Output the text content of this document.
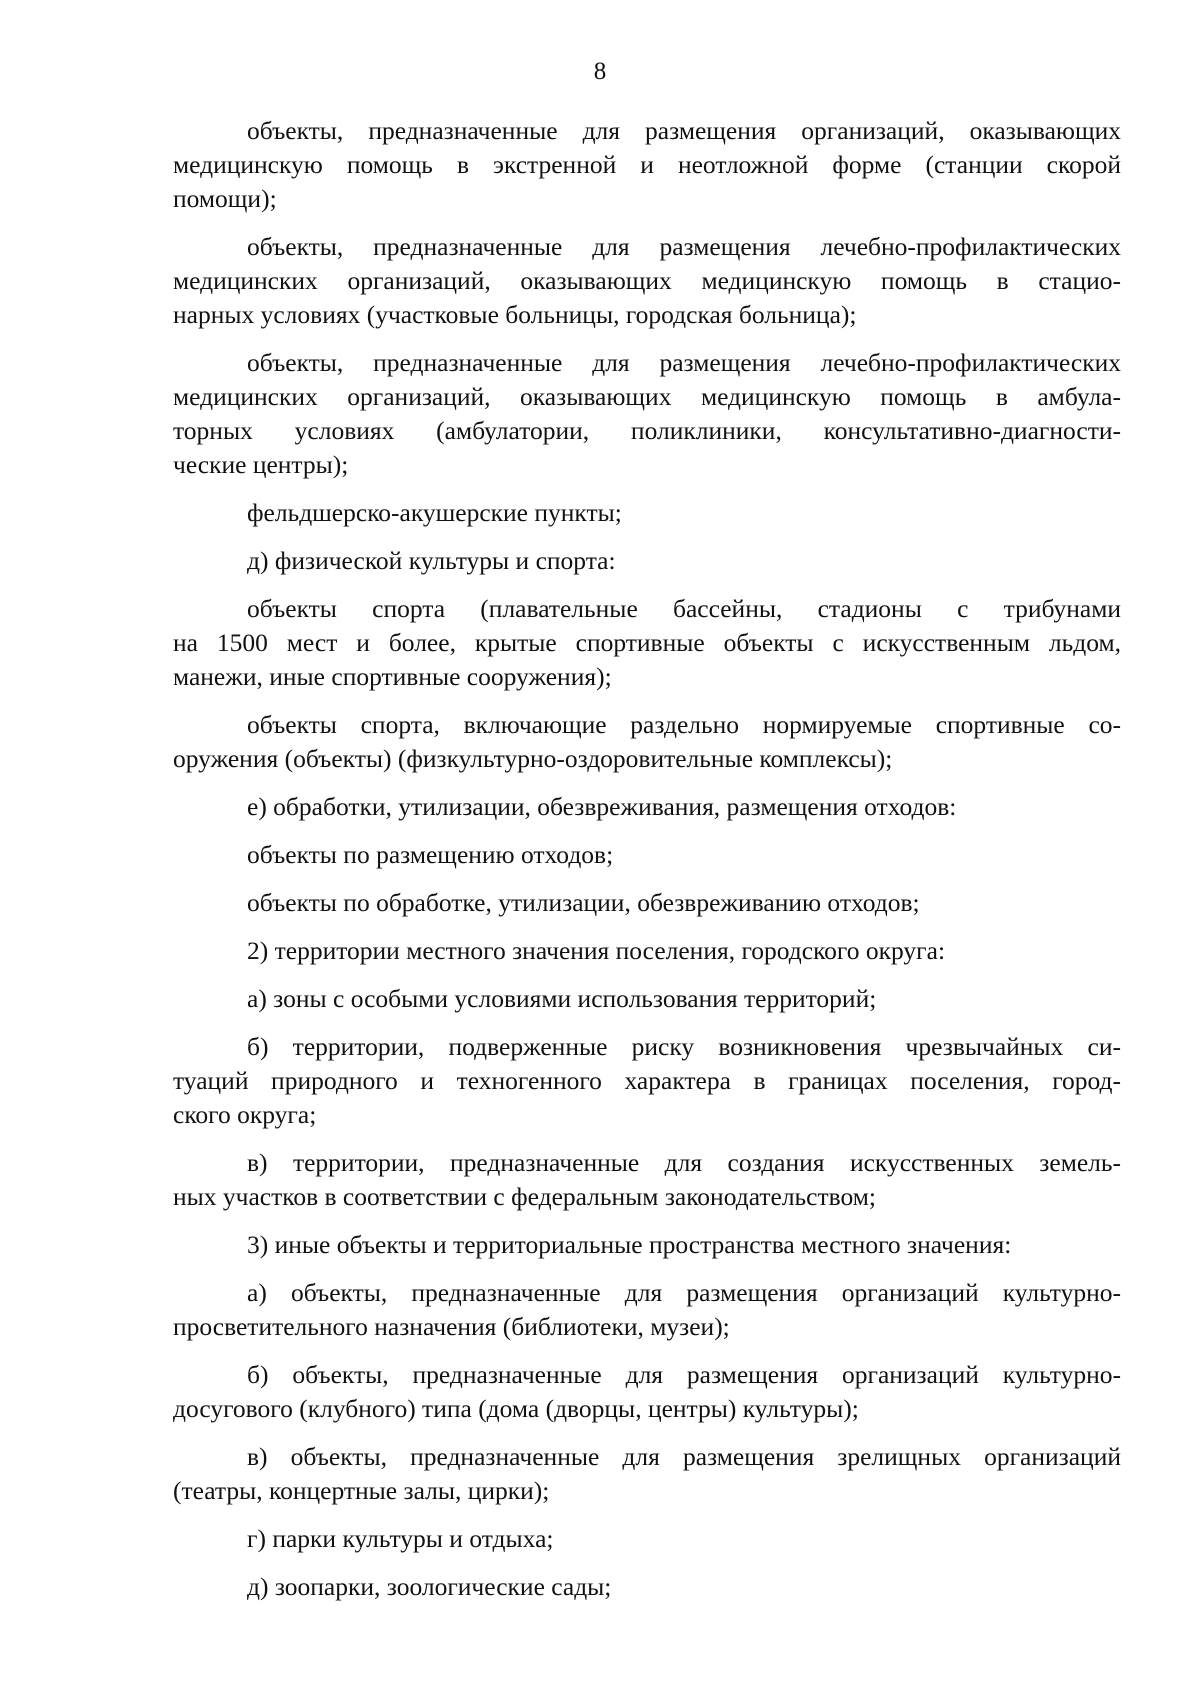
8
объекты, предназначенные для размещения организаций, оказывающих
медицинскую помощь в экстренной и неотложной форме (станции скорой
помощи);
объекты, предназначенные для размещения лечебно-профилактических
медицинских организаций, оказывающих медицинскую помощь в стацио-
нарных условиях (участковые больницы, городская больница);
объекты, предназначенные для размещения лечебно-профилактических
медицинских организаций, оказывающих медицинскую помощь в амбула-
торных условиях (амбулатории, поликлиники, консультативно-диагности-
ческие центры);
фельдшерско-акушерские пункты;
д) физической культуры и спорта:
объекты спорта (плавательные бассейны, стадионы с трибунами
на 1500 мест и более, крытые спортивные объекты с искусственным льдом,
манежи, иные спортивные сооружения);
объекты спорта, включающие раздельно нормируемые спортивные со-
оружения (объекты) (физкультурно-оздоровительные комплексы);
е) обработки, утилизации, обезвреживания, размещения отходов:
объекты по размещению отходов;
объекты по обработке, утилизации, обезвреживанию отходов;
2) территории местного значения поселения, городского округа:
а) зоны с особыми условиями использования территорий;
б) территории, подверженные риску возникновения чрезвычайных си-
туаций природного и техногенного характера в границах поселения, город-
ского округа;
в) территории, предназначенные для создания искусственных земель-
ных участков в соответствии с федеральным законодательством;
3) иные объекты и территориальные пространства местного значения:
а) объекты, предназначенные для размещения организаций культурно-
просветительного назначения (библиотеки, музеи);
б) объекты, предназначенные для размещения организаций культурно-
досугового (клубного) типа (дома (дворцы, центры) культуры);
в) объекты, предназначенные для размещения зрелищных организаций
(театры, концертные залы, цирки);
г) парки культуры и отдыха;
д) зоопарки, зоологические сады;
